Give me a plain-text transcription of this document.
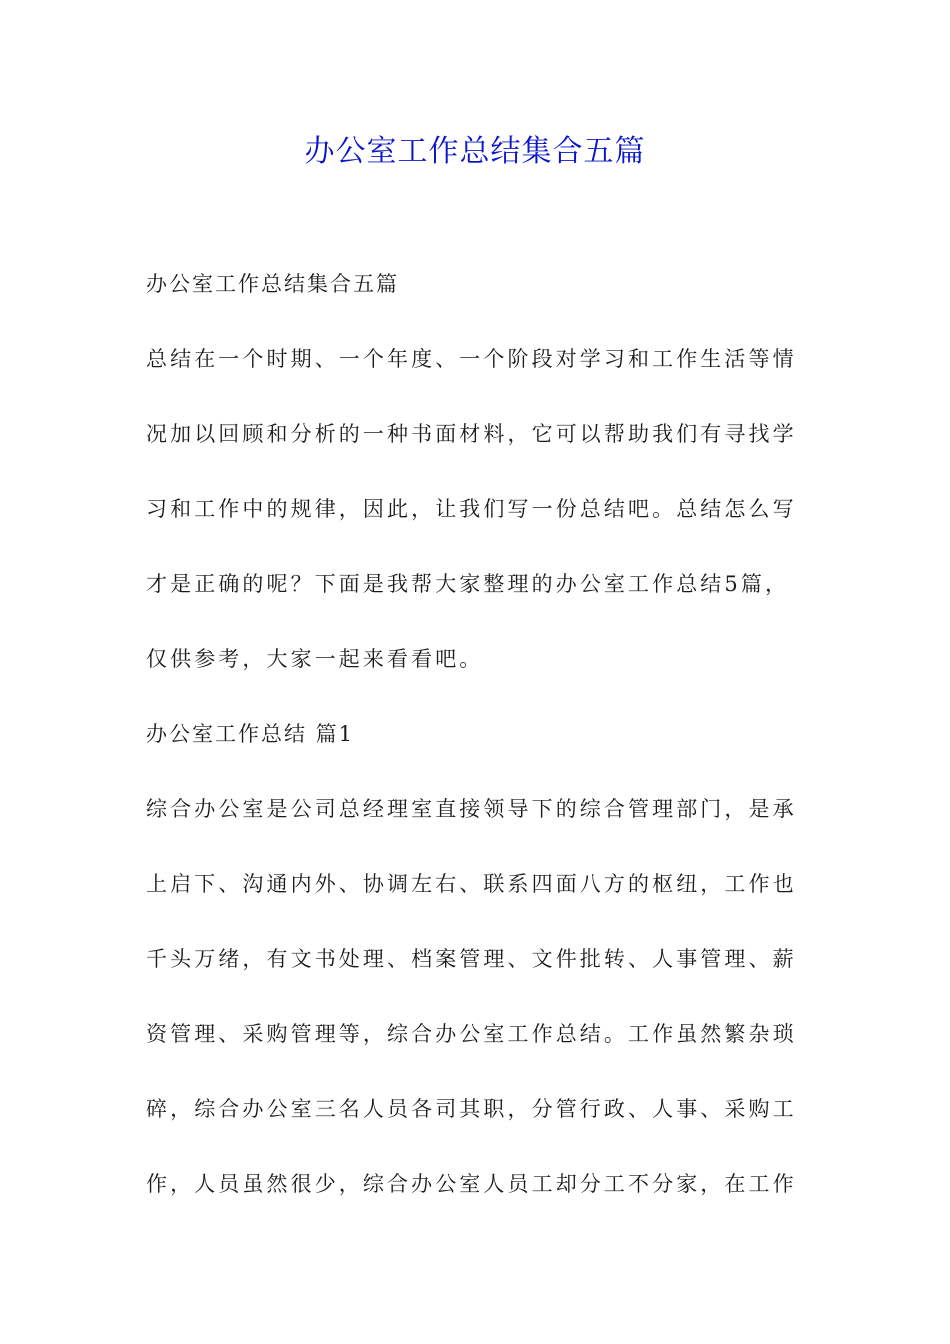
办公室工作总结集合五篇
办公室工作总结集合五篇
总结在一个时期、一个年度、一个阶段对学习和工作生活等情
况加以回顾和分析的一种书面材料，它可以帮助我们有寻找学
习和工作中的规律，因此，让我们写一份总结吧。总结怎么写
才是正确的呢？下面是我帮大家整理的办公室工作总结5篇，
仅供参考，大家一起来看看吧。
办公室工作总结 篇1
综合办公室是公司总经理室直接领导下的综合管理部门，是承
上启下、沟通内外、协调左右、联系四面八方的枢纽，工作也
千头万绪，有文书处理、档案管理、文件批转、人事管理、薪
资管理、采购管理等，综合办公室工作总结。工作虽然繁杂琐
碎，综合办公室三名人员各司其职，分管行政、人事、采购工
作，人员虽然很少，综合办公室人员工却分工不分家，在工作
